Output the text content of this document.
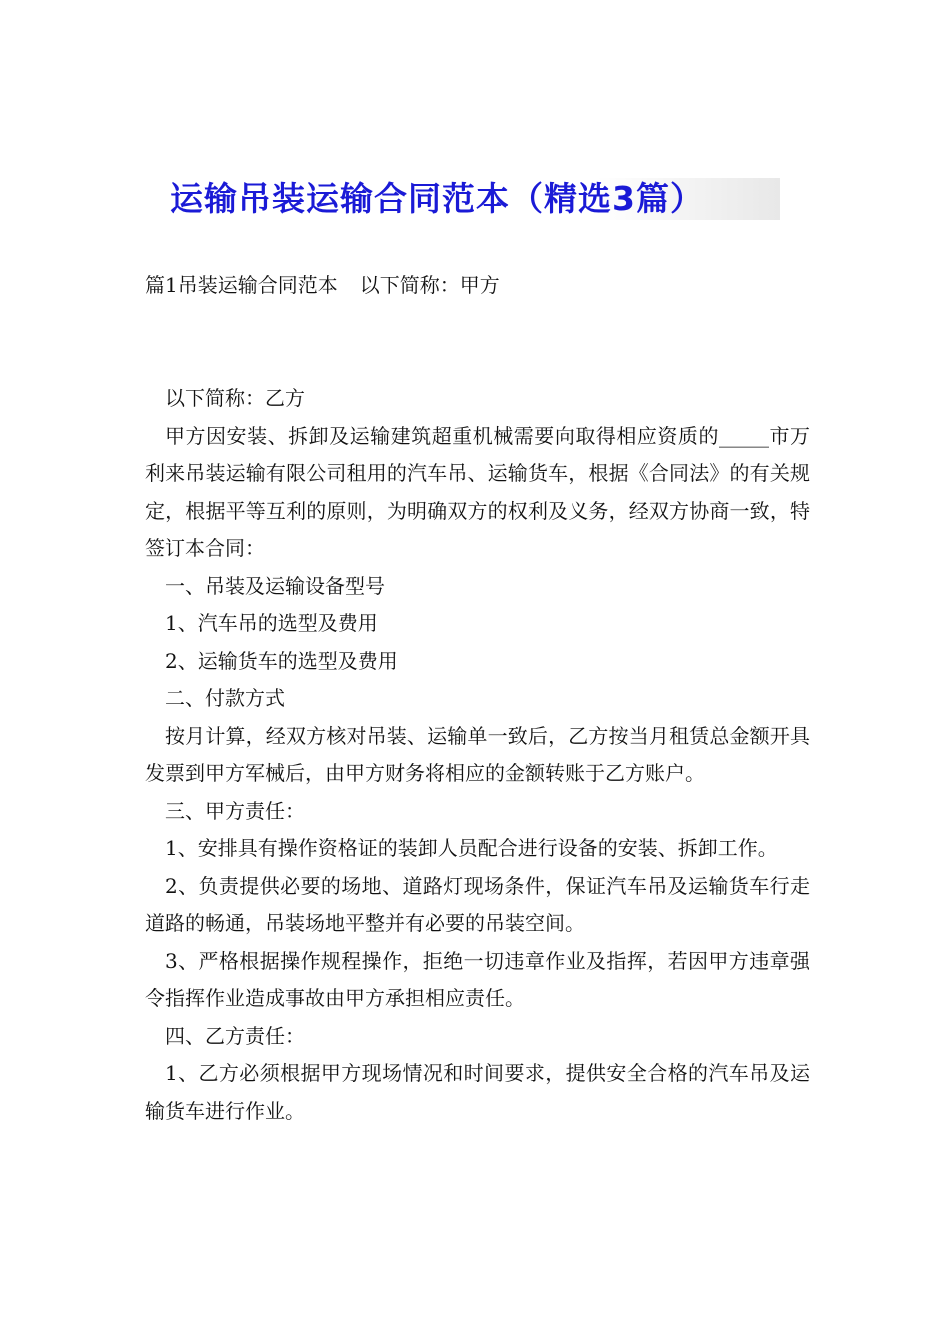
运输吊装运输合同范本（精选3篇）
篇1吊装运输合同范本 以下简称：甲方

以下简称：乙方

甲方因安装、拆卸及运输建筑超重机械需要向取得相应资质的_____市万利来吊装运输有限公司租用的汽车吊、运输货车，根据《合同法》的有关规定，根据平等互利的原则，为明确双方的权利及义务，经双方协商一致，特签订本合同：

一、吊装及运输设备型号

1、汽车吊的选型及费用

2、运输货车的选型及费用

二、付款方式

按月计算，经双方核对吊装、运输单一致后，乙方按当月租赁总金额开具发票到甲方军械后，由甲方财务将相应的金额转账于乙方账户。

三、甲方责任：

1、安排具有操作资格证的装卸人员配合进行设备的安装、拆卸工作。

2、负责提供必要的场地、道路灯现场条件，保证汽车吊及运输货车行走道路的畅通，吊装场地平整并有必要的吊装空间。

3、严格根据操作规程操作，拒绝一切违章作业及指挥，若因甲方违章强令指挥作业造成事故由甲方承担相应责任。

四、乙方责任：

1、乙方必须根据甲方现场情况和时间要求，提供安全合格的汽车吊及运输货车进行作业。
